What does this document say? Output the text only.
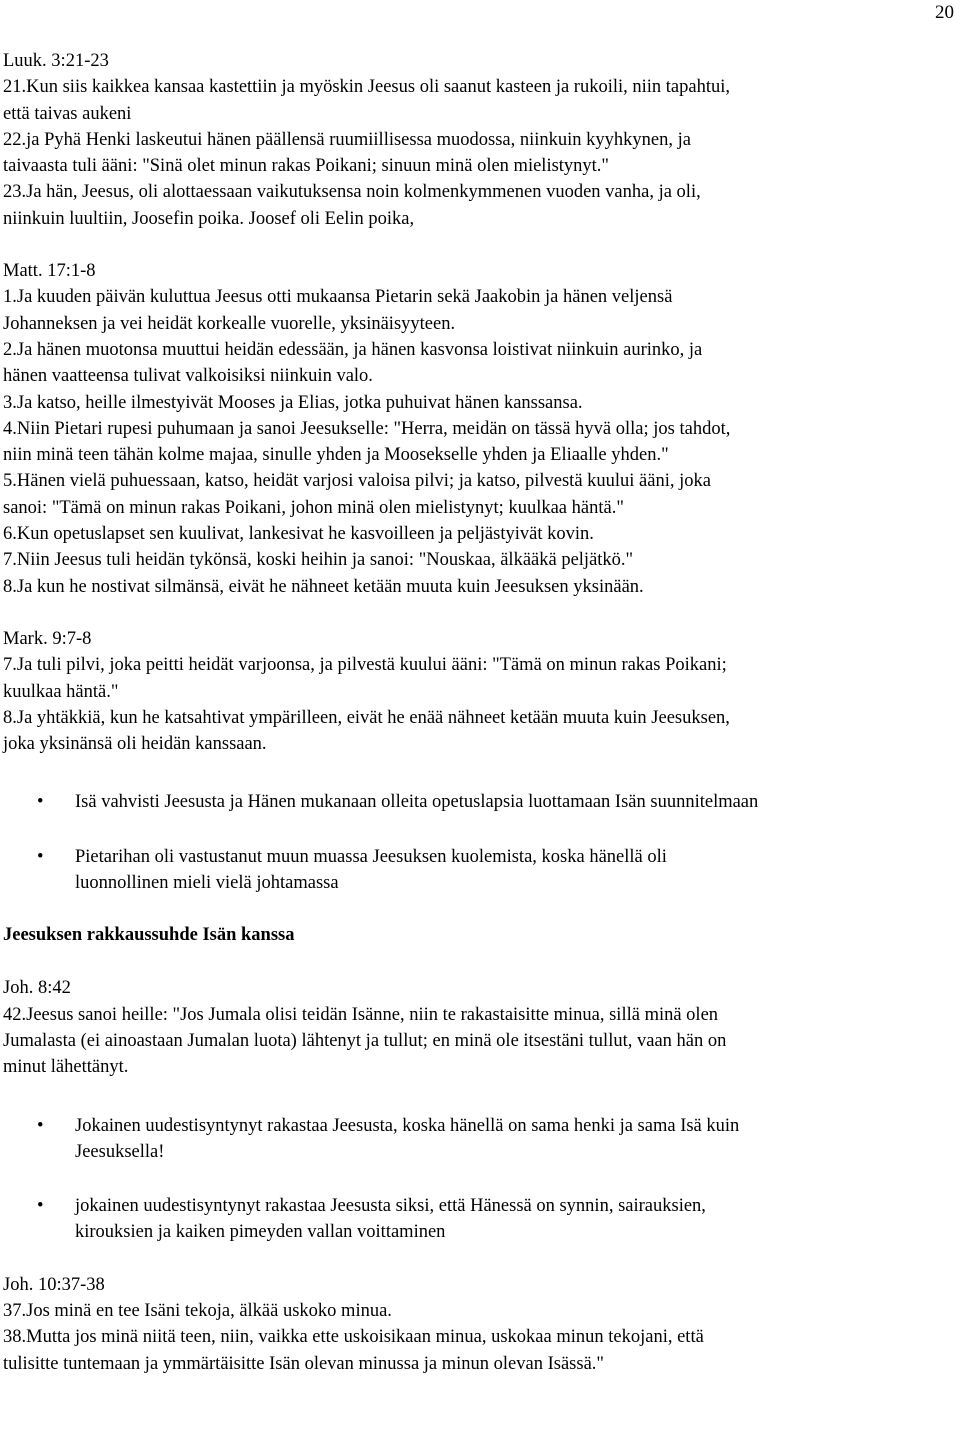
20
Luuk. 3:21-23
21.Kun siis kaikkea kansaa kastettiin ja myöskin Jeesus oli saanut kasteen ja rukoili, niin tapahtui,
että taivas aukeni
22.ja Pyhä Henki laskeutui hänen päällensä ruumiillisessa muodossa, niinkuin kyyhkynen, ja
taivaasta tuli ääni: "Sinä olet minun rakas Poikani; sinuun minä olen mielistynyt."
23.Ja hän, Jeesus, oli alottaessaan vaikutuksensa noin kolmenkymmenen vuoden vanha, ja oli,
niinkuin luultiin, Joosefin poika. Joosef oli Eelin poika,
Matt. 17:1-8
1.Ja kuuden päivän kuluttua Jeesus otti mukaansa Pietarin sekä Jaakobin ja hänen veljensä
Johanneksen ja vei heidät korkealle vuorelle, yksinäisyyteen.
2.Ja hänen muotonsa muuttui heidän edessään, ja hänen kasvonsa loistivat niinkuin aurinko, ja
hänen vaatteensa tulivat valkoisiksi niinkuin valo.
3.Ja katso, heille ilmestyivät Mooses ja Elias, jotka puhuivat hänen kanssansa.
4.Niin Pietari rupesi puhumaan ja sanoi Jeesukselle: "Herra, meidän on tässä hyvä olla; jos tahdot,
niin minä teen tähän kolme majaa, sinulle yhden ja Moosekselle yhden ja Eliaalle yhden."
5.Hänen vielä puhuessaan, katso, heidät varjosi valoisa pilvi; ja katso, pilvestä kuului ääni, joka
sanoi: "Tämä on minun rakas Poikani, johon minä olen mielistynyt; kuulkaa häntä."
6.Kun opetuslapset sen kuulivat, lankesivat he kasvoilleen ja peljästyivät kovin.
7.Niin Jeesus tuli heidän tykönsä, koski heihin ja sanoi: "Nouskaa, älkääkä peljätkö."
8.Ja kun he nostivat silmänsä, eivät he nähneet ketään muuta kuin Jeesuksen yksinään.
Mark. 9:7-8
7.Ja tuli pilvi, joka peitti heidät varjoonsa, ja pilvestä kuului ääni: "Tämä on minun rakas Poikani;
kuulkaa häntä."
8.Ja yhtäkkiä, kun he katsahtivat ympärilleen, eivät he enää nähneet ketään muuta kuin Jeesuksen,
joka yksinänsä oli heidän kanssaan.
• Isä vahvisti Jeesusta ja Hänen mukanaan olleita opetuslapsia luottamaan Isän suunnitelmaan
• Pietarihan oli vastustanut muun muassa Jeesuksen kuolemista, koska hänellä oli
luonnollinen mieli vielä johtamassa
Jeesuksen rakkaussuhde Isän kanssa
Joh. 8:42
42.Jeesus sanoi heille: "Jos Jumala olisi teidän Isänne, niin te rakastaisitte minua, sillä minä olen
Jumalasta (ei ainoastaan Jumalan luota) lähtenyt ja tullut; en minä ole itsestäni tullut, vaan hän on
minut lähettänyt.
• Jokainen uudestisyntynyt rakastaa Jeesusta, koska hänellä on sama henki ja sama Isä kuin
Jeesuksella!
• jokainen uudestisyntynyt rakastaa Jeesusta siksi, että Hänessä on synnin, sairauksien,
kirouksien ja kaiken pimeyden vallan voittaminen
Joh. 10:37-38
37.Jos minä en tee Isäni tekoja, älkää uskoko minua.
38.Mutta jos minä niitä teen, niin, vaikka ette uskoisikaan minua, uskokaa minun tekojani, että
tulisitte tuntemaan ja ymmärtäisitte Isän olevan minussa ja minun olevan Isässä."
